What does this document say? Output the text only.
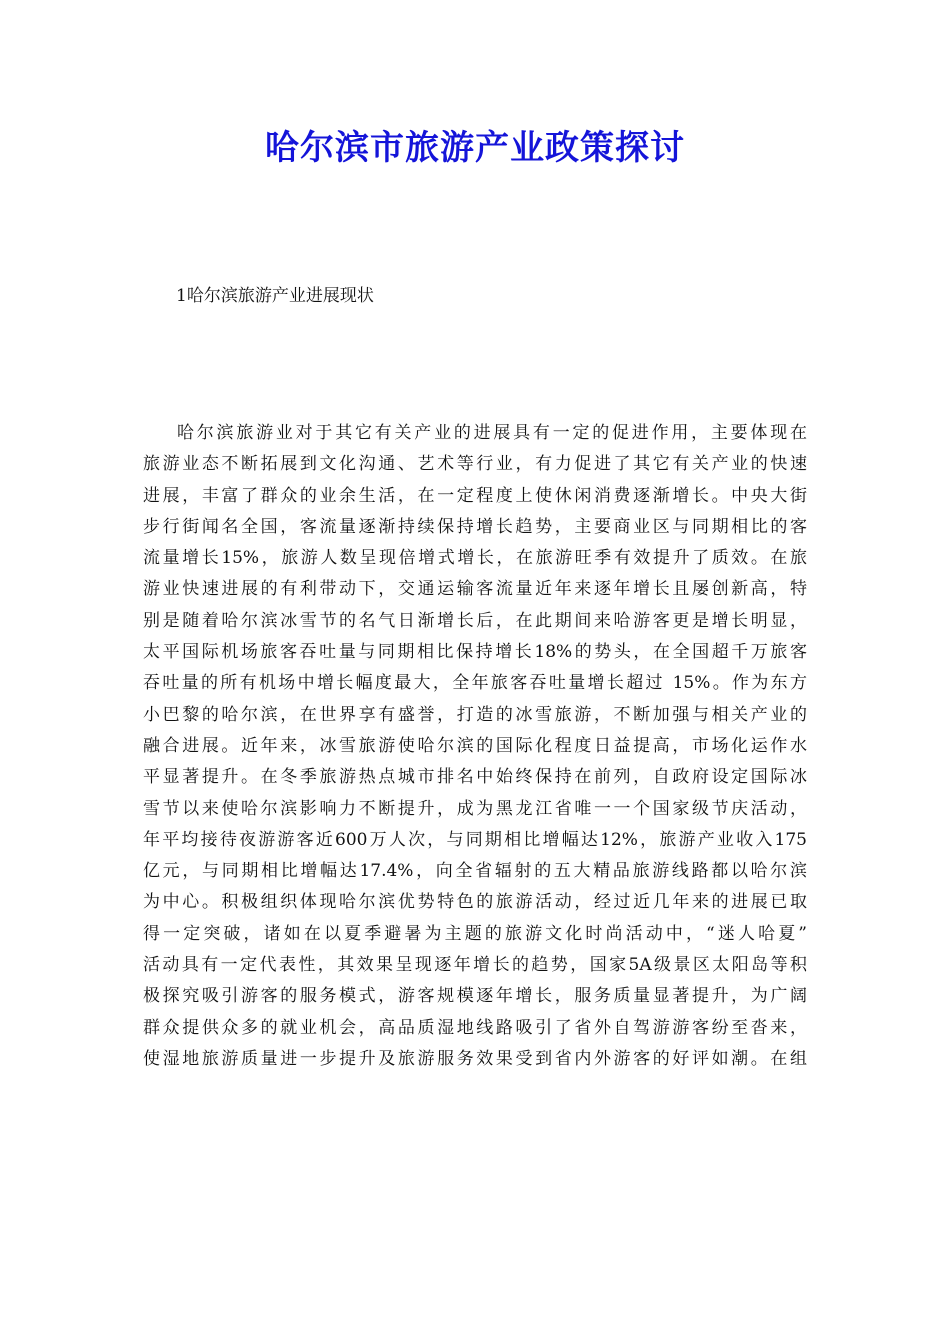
哈尔滨市旅游产业政策探讨
1哈尔滨旅游产业进展现状
哈尔滨旅游业对于其它有关产业的进展具有一定的促进作用，主要体现在
旅游业态不断拓展到文化沟通、艺术等行业，有力促进了其它有关产业的快速
进展，丰富了群众的业余生活，在一定程度上使休闲消费逐渐增长。中央大街
步行街闻名全国，客流量逐渐持续保持增长趋势，主要商业区与同期相比的客
流量增长15%，旅游人数呈现倍增式增长，在旅游旺季有效提升了质效。在旅
游业快速进展的有利带动下，交通运输客流量近年来逐年增长且屡创新高，特
别是随着哈尔滨冰雪节的名气日渐增长后，在此期间来哈游客更是增长明显，
太平国际机场旅客吞吐量与同期相比保持增长18%的势头，在全国超千万旅客
吞吐量的所有机场中增长幅度最大，全年旅客吞吐量增长超过 15%。作为东方
小巴黎的哈尔滨，在世界享有盛誉，打造的冰雪旅游，不断加强与相关产业的
融合进展。近年来，冰雪旅游使哈尔滨的国际化程度日益提高，市场化运作水
平显著提升。在冬季旅游热点城市排名中始终保持在前列，自政府设定国际冰
雪节以来使哈尔滨影响力不断提升，成为黑龙江省唯一一个国家级节庆活动，
年平均接待夜游游客近600万人次，与同期相比增幅达12%，旅游产业收入175
亿元，与同期相比增幅达17.4%，向全省辐射的五大精品旅游线路都以哈尔滨
为中心。积极组织体现哈尔滨优势特色的旅游活动，经过近几年来的进展已取
得一定突破，诸如在以夏季避暑为主题的旅游文化时尚活动中，“迷人哈夏”
活动具有一定代表性，其效果呈现逐年增长的趋势，国家5A级景区太阳岛等积
极探究吸引游客的服务模式，游客规模逐年增长，服务质量显著提升，为广阔
群众提供众多的就业机会，高品质湿地线路吸引了省外自驾游游客纷至沓来，
使湿地旅游质量进一步提升及旅游服务效果受到省内外游客的好评如潮。在组
